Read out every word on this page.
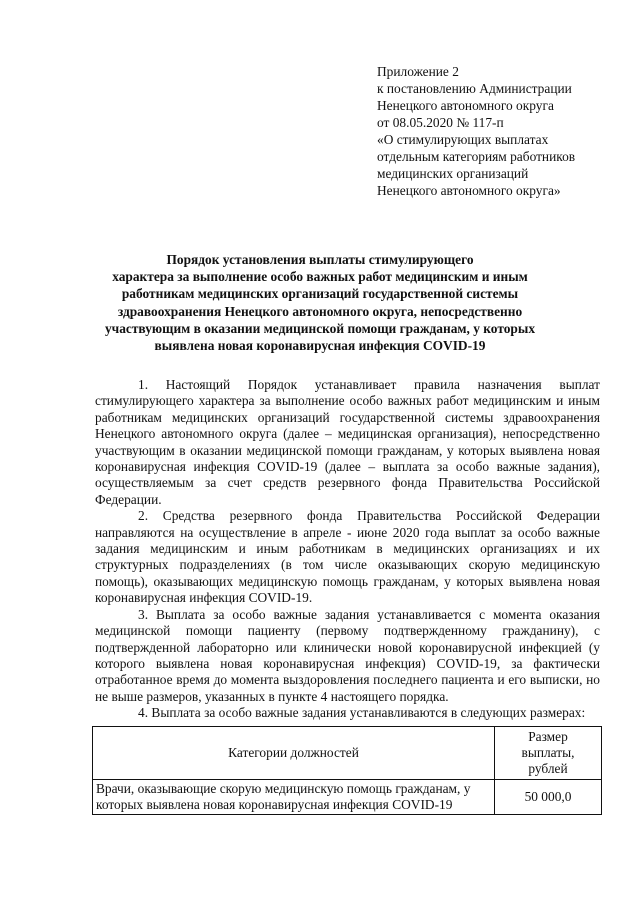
Приложение 2
к постановлению Администрации
Ненецкого автономного округа
от 08.05.2020 № 117-п
«О стимулирующих выплатах
отдельным категориям работников
медицинских организаций
Ненецкого автономного округа»
Порядок установления выплаты стимулирующего
характера за выполнение особо важных работ медицинским и иным
работникам медицинских организаций государственной системы
здравоохранения Ненецкого автономного округа, непосредственно
участвующим в оказании медицинской помощи гражданам, у которых
выявлена новая коронавирусная инфекция COVID-19

1. Настоящий Порядок устанавливает правила назначения выплат стимулирующего характера за выполнение особо важных работ медицинским и иным работникам медицинских организаций государственной системы здравоохранения Ненецкого автономного округа (далее – медицинская организация), непосредственно участвующим в оказании медицинской помощи гражданам, у которых выявлена новая коронавирусная инфекция COVID-19 (далее – выплата за особо важные задания), осуществляемым за счет средств резервного фонда Правительства Российской Федерации.

2. Средства резервного фонда Правительства Российской Федерации направляются на осуществление в апреле - июне 2020 года выплат за особо важные задания медицинским и иным работникам в медицинских организациях и их структурных подразделениях (в том числе оказывающих скорую медицинскую помощь), оказывающих медицинскую помощь гражданам, у которых выявлена новая коронавирусная инфекция COVID-19.

3. Выплата за особо важные задания устанавливается с момента оказания медицинской помощи пациенту (первому подтвержденному гражданину), с подтвержденной лабораторно или клинически новой коронавирусной инфекцией (у которого выявлена новая коронавирусная инфекция) COVID-19, за фактически отработанное время до момента выздоровления последнего пациента и его выписки, но не выше размеров, указанных в пункте 4 настоящего порядка.

4. Выплата за особо важные задания устанавливаются в следующих размерах:

Категории должностей	Размер
выплаты,
рублей

Врачи, оказывающие скорую медицинскую помощь гражданам, у которых выявлена новая коронавирусная инфекция COVID-19	50 000,0
